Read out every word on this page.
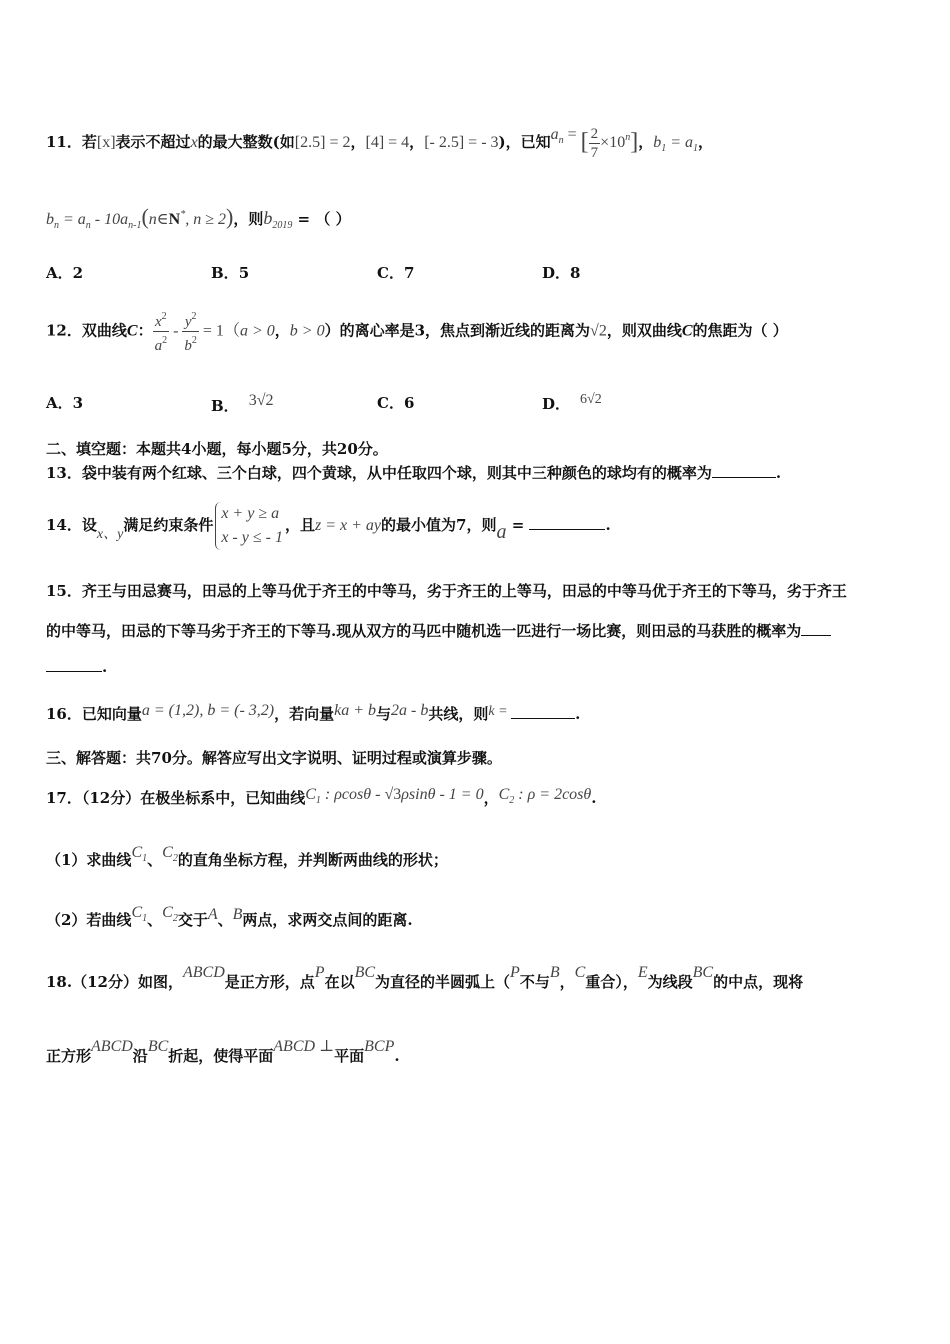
11．若[x]表示不超过x的最大整数(如[2.5] = 2，[4] = 4，[- 2.5] = - 3)，已知$a_n$ = [ $\frac{2}{7} \times 10^n$]，$b_1 = a_1$，
$b_n = a_n$ - $10a_{n-1}(n\in N^*$, n ≥ 2)，则$b_{2019}$ = （ ）
A．2	B．5	C．7	D．8
12．双曲线C： $\frac{x^2}{a^2} - \frac{y^2}{b^2} = 1(a > 0$，b > 0）的离心率是3，焦点到渐近线的距离为√2，则双曲线C的焦距为（ ）
A．3	B． 3√2	C．6	D． 6√2
二、填空题：本题共4小题，每小题5分，共20分。
13．袋中装有两个红球、三个白球，四个黄球，从中任取四个球，则其中三种颜色的球均有的概率为	.
14．设x、y满足约束条件
x + y ≥ a
x - y ≤ - 1
，且z = x + ay的最小值为7，则a =	.
15．齐王与田忌赛马，田忌的上等马优于齐王的中等马，劣于齐王的上等马，田忌的中等马优于齐王的下等马，劣于齐王
的中等马，田忌的下等马劣于齐王的下等马.现从双方的马匹中随机选一匹进行一场比赛，则田忌的马获胜的概率为
.
16．已知向量a = (1,2), b = (- 3,2)，若向量ka + b与2a - b共线，则k =	.
三、解答题：共70分。解答应写出文字说明、证明过程或演算步骤。
17．（12分）在极坐标系中，已知曲线$C_1$ : ρcosθ - √3ρsinθ - 1 = 0，$C_2$ : ρ = 2cosθ.
（1）求曲线$C_1$、$C_2$的直角坐标方程，并判断两曲线的形状；
（2）若曲线$C_1$、$C_2$交于A、B两点，求两交点间的距离.
18.（12分）如图，ABCD是正方形，点P在以BC为直径的半圆弧上（P不与B，C重合），E为线段BC的中点，现将
正方形ABCD沿BC折起，使得平面ABCD ⊥平面BCP.
